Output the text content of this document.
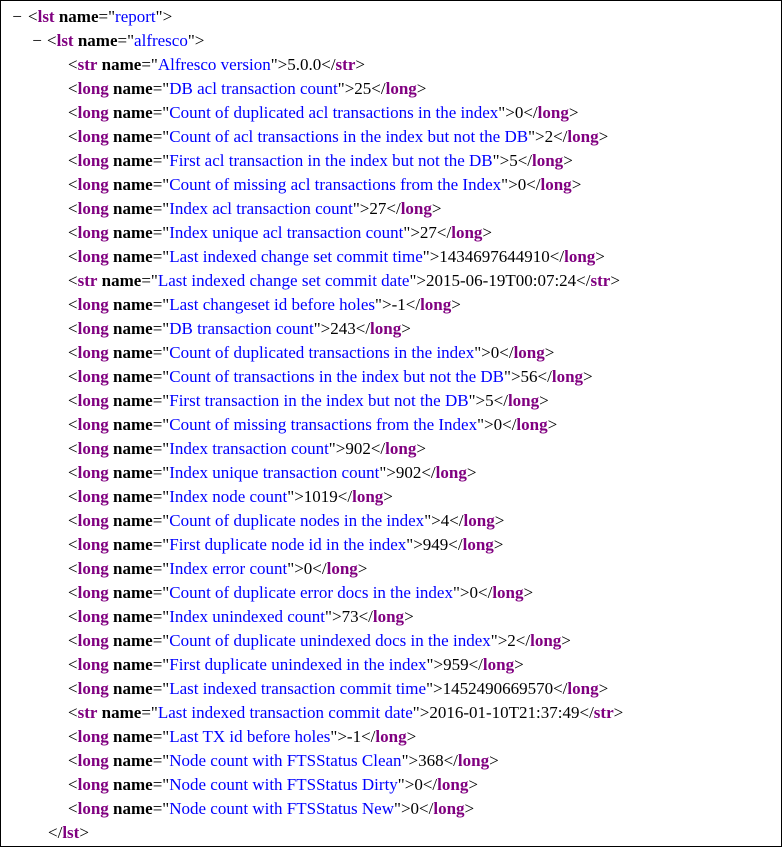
− <lst name="report">
− <lst name="alfresco">
<str name="Alfresco version">5.0.0</str>
<long name="DB acl transaction count">25</long>
<long name="Count of duplicated acl transactions in the index">0</long>
<long name="Count of acl transactions in the index but not the DB">2</long>
<long name="First acl transaction in the index but not the DB">5</long>
<long name="Count of missing acl transactions from the Index">0</long>
<long name="Index acl transaction count">27</long>
<long name="Index unique acl transaction count">27</long>
<long name="Last indexed change set commit time">1434697644910</long>
<str name="Last indexed change set commit date">2015-06-19T00:07:24</str>
<long name="Last changeset id before holes">-1</long>
<long name="DB transaction count">243</long>
<long name="Count of duplicated transactions in the index">0</long>
<long name="Count of transactions in the index but not the DB">56</long>
<long name="First transaction in the index but not the DB">5</long>
<long name="Count of missing transactions from the Index">0</long>
<long name="Index transaction count">902</long>
<long name="Index unique transaction count">902</long>
<long name="Index node count">1019</long>
<long name="Count of duplicate nodes in the index">4</long>
<long name="First duplicate node id in the index">949</long>
<long name="Index error count">0</long>
<long name="Count of duplicate error docs in the index">0</long>
<long name="Index unindexed count">73</long>
<long name="Count of duplicate unindexed docs in the index">2</long>
<long name="First duplicate unindexed in the index">959</long>
<long name="Last indexed transaction commit time">1452490669570</long>
<str name="Last indexed transaction commit date">2016-01-10T21:37:49</str>
<long name="Last TX id before holes">-1</long>
<long name="Node count with FTSStatus Clean">368</long>
<long name="Node count with FTSStatus Dirty">0</long>
<long name="Node count with FTSStatus New">0</long>
</lst>
